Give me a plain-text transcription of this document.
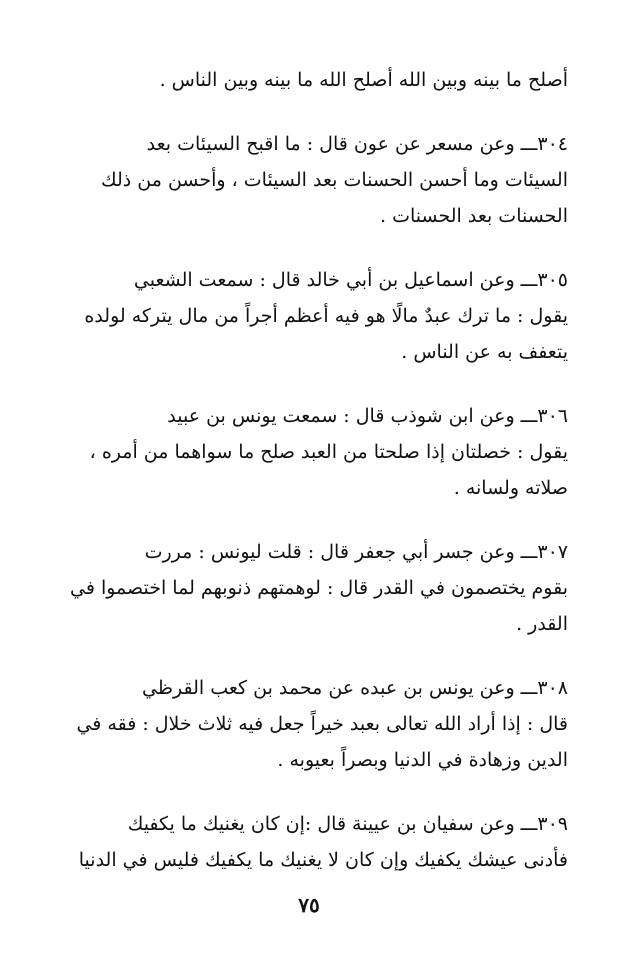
أصلح ما بينه وبين الله أصلح الله ما بينه وبين الناس .

٣٠٤ـــ وعن مسعر عن عون قال : ما اقبح السيئات بعد
السيئات وما أحسن الحسنات بعد السيئات ، وأحسن من ذلك
الحسنات بعد الحسنات .

٣٠٥ـــ وعن اسماعيل بن أبي خالد قال : سمعت الشعبي
يقول : ما ترك عبدٌ مالًا هو فيه أعظم أجراً من مال يتركه لولده
يتعفف به عن الناس .

٣٠٦ـــ وعن ابن شوذب قال : سمعت يونس بن عبيد
يقول : خصلتان إذا صلحتا من العبد صلح ما سواهما من أمره ،
صلاته ولسانه .

٣٠٧ـــ وعن جسر أبي جعفر قال : قلت ليونس : مررت
بقوم يختصمون في القدر قال : لوهمتهم ذنوبهم لما اختصموا في
القدر .

٣٠٨ـــ وعن يونس بن عبده عن محمد بن كعب القرظي
قال : إذا أراد الله تعالى بعبد خيراً جعل فيه ثلاث خلال : فقه في
الدين وزهادة في الدنيا وبصراً بعيوبه .

٣٠٩ـــ وعن سفيان بن عيينة قال :إن كان يغنيك ما يكفيك
فأدنى عيشك يكفيك وإن كان لا يغنيك ما يكفيك فليس في الدنيا

٧٥
